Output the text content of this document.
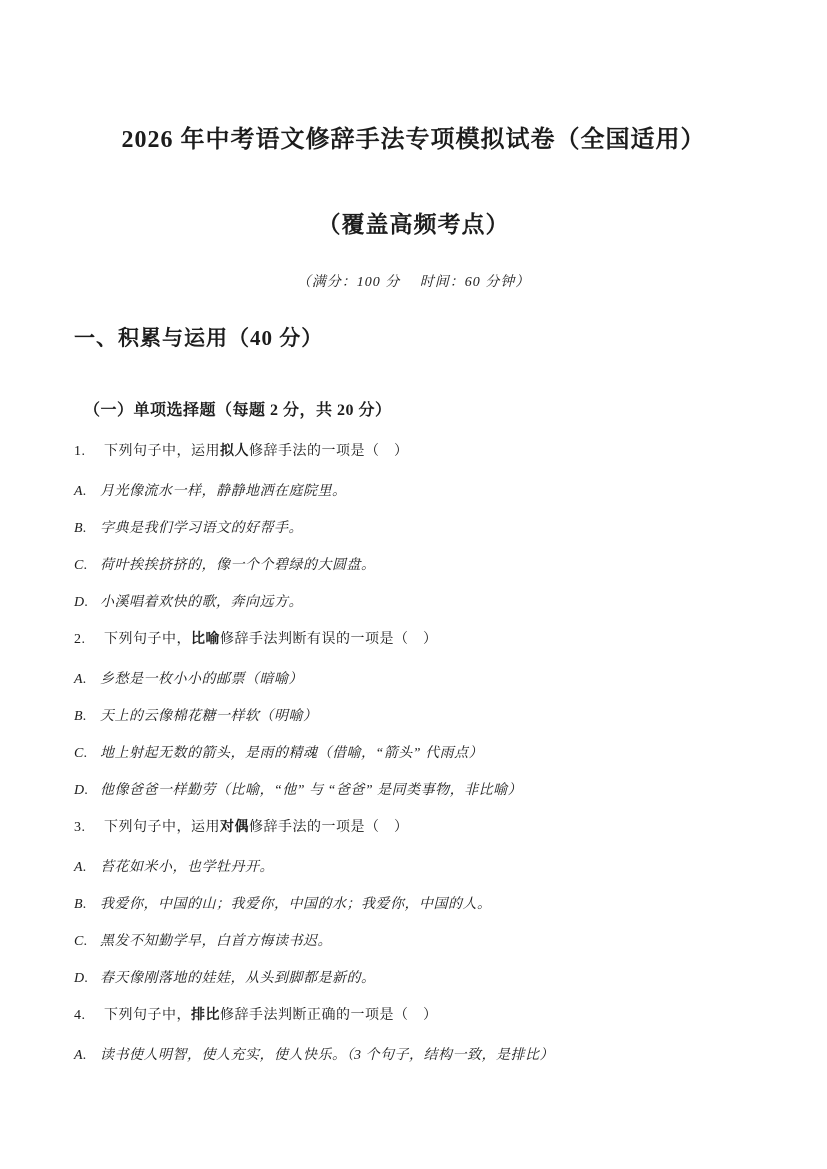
2026 年中考语文修辞手法专项模拟试卷（全国适用）
（覆盖高频考点）
（满分：100 分　 时间：60 分钟）
一、积累与运用（40 分）
（一）单项选择题（每题 2 分，共 20 分）
1.	下列句子中，运用拟人修辞手法的一项是（　）
A. 月光像流水一样，静静地洒在庭院里。
B. 字典是我们学习语文的好帮手。
C. 荷叶挨挨挤挤的，像一个个碧绿的大圆盘。
D. 小溪唱着欢快的歌，奔向远方。
2.	下列句子中，比喻修辞手法判断有误的一项是（　）
A. 乡愁是一枚小小的邮票（暗喻）
B. 天上的云像棉花糖一样软（明喻）
C. 地上射起无数的箭头，是雨的精魂（借喻，“箭头” 代雨点）
D. 他像爸爸一样勤劳（比喻，“他” 与 “爸爸” 是同类事物，非比喻）
3.	下列句子中，运用对偶修辞手法的一项是（　）
A. 苔花如米小，也学牡丹开。
B. 我爱你，中国的山；我爱你，中国的水；我爱你，中国的人。
C. 黑发不知勤学早，白首方悔读书迟。
D. 春天像刚落地的娃娃，从头到脚都是新的。
4.	下列句子中，排比修辞手法判断正确的一项是（　）
A. 读书使人明智，使人充实，使人快乐。（3 个句子，结构一致，是排比）
